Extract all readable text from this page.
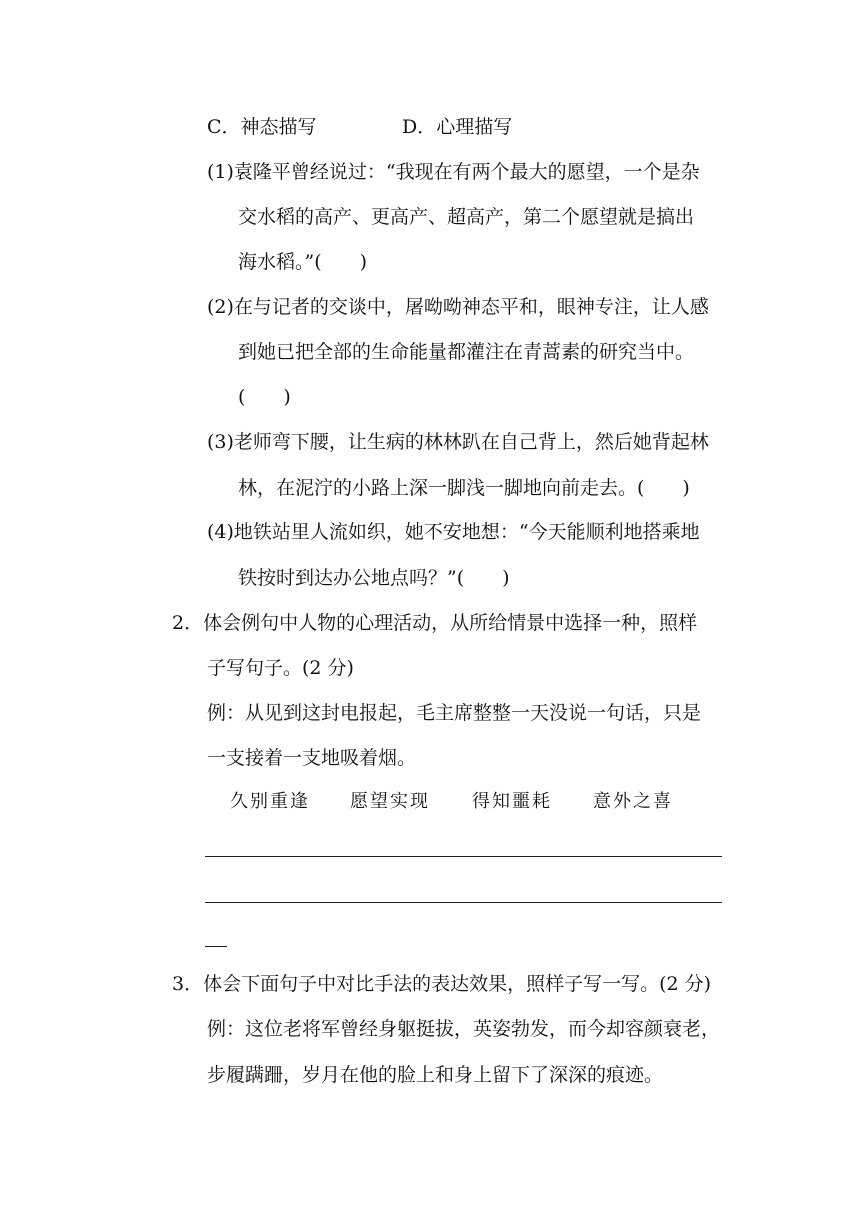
C．神态描写	D．心理描写
(1)袁隆平曾经说过：“我现在有两个最大的愿望，一个是杂
交水稻的高产、更高产、超高产，第二个愿望就是搞出
海水稻。”(　　)
(2)在与记者的交谈中，屠呦呦神态平和，眼神专注，让人感
到她已把全部的生命能量都灌注在青蒿素的研究当中。
(　　)
(3)老师弯下腰，让生病的林林趴在自己背上，然后她背起林
林，在泥泞的小路上深一脚浅一脚地向前走去。(　　)
(4)地铁站里人流如织，她不安地想：“今天能顺利地搭乘地
铁按时到达办公地点吗？”(　　)
2．体会例句中人物的心理活动，从所给情景中选择一种，照样
子写句子。(2 分)
例：从见到这封电报起，毛主席整整一天没说一句话，只是
一支接着一支地吸着烟。
久别重逢 愿望实现 得知噩耗 意外之喜
3．体会下面句子中对比手法的表达效果，照样子写一写。(2 分)
例：这位老将军曾经身躯挺拔，英姿勃发，而今却容颜衰老，
步履蹒跚，岁月在他的脸上和身上留下了深深的痕迹。
